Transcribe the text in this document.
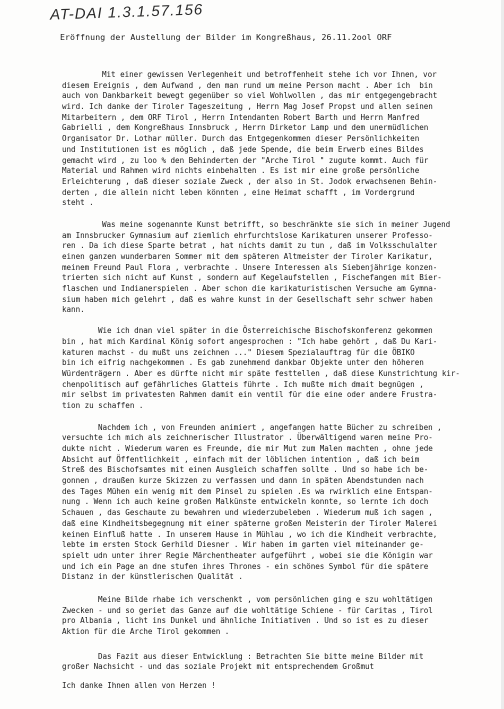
AT-DAI 1.3.1.57.156
Eröffnung der Austellung der Bilder im Kongreßhaus, 26.11.2ool ORF
Mit einer gewissen Verlegenheit und betroffenheit stehe ich vor Ihnen, vor
diesem Ereignis , dem Aufwand , den man rund um meine Person macht . Aber ich  bin
auch von Dankbarkeit bewegt gegenüber so viel Wohlwollen , das mir entgegengebracht
wird. Ich danke der Tiroler Tageszeitung , Herrn Mag Josef Propst und allen seinen
Mitarbeitern , dem ORF Tirol , Herrn Intendanten Robert Barth und Herrn Manfred
Gabrielli , dem Kongreßhaus Innsbruck , Herrn Dirketor Lamp und dem unermüdlichen
Organisator Dr. Lothar müller. Durch das Entgegenkommen dieser Persönlichkeiten
und Institutionen ist es möglich , daß jede Spende, die beim Erwerb eines Bildes
gemacht wird , zu loo % den Behinderten der "Arche Tirol " zugute kommt. Auch für
Material und Rahmen wird nichts einbehalten . Es ist mir eine große persönliche
Erleichterung , daß dieser soziale Zweck , der also in St. Jodok erwachsenen Behin-
derten , die allein nicht leben könnten , eine Heimat schafft , im Vordergrund
steht .
Was meine sogenannte Kunst betrifft, so beschränkte sie sich in meiner Jugend
am Innsbrucker Gymnasium auf ziemlich ehrfurchtslose Karikaturen unserer Professo-
ren . Da ich diese Sparte betrat , hat nichts damit zu tun , daß im Volksschulalter
einen ganzen wunderbaren Sommer mit dem späteren Altmeister der Tiroler Karikatur,
meinem Freund Paul Flora , verbrachte . Unsere Interessen als Siebenjährige konzen-
trierten sich nicht auf Kunst , sondern auf Kegelaufstellen , Fischefangen mit Bier-
flaschen und Indianerspielen . Aber schon die karikaturistischen Versuche am Gymna-
sium haben mich gelehrt , daß es wahre kunst in der Gesellschaft sehr schwer haben
kann.
Wie ich dnan viel später in die Österreichische Bischofskonferenz gekommen
bin , hat mich Kardinal König sofort angesprochen : "Ich habe gehört , daß Du Kari-
katuren machst - du mußt uns zeichnen ..." Diesem Spezialauftrag für die ÖBIKO
bin ich eifrig nachgekommen . Es gab zunehmend dankbar Objekte unter den höheren
Würdenträgern . Aber es dürfte nicht mir späte festtellen , daß diese Kunstrichtung kir-
chenpolitisch auf gefährliches Glatteis führte . Ich mußte mich dmait begnügen ,
mir selbst im privatesten Rahmen damit ein ventil für die eine oder andere Frustra-
tion zu schaffen .
Nachdem ich , von Freunden animiert , angefangen hatte Bücher zu schreiben ,
versuchte ich mich als zeichnerischer Illustrator . Überwältigend waren meine Pro-
dukte nicht . Wiederum waren es Freunde, die mir Mut zum Malen machten , ohne jede
Absicht auf Öffentlichkeit , einfach mit der löblichen intention , daß ich beim
Streß des Bischofsamtes mit einen Ausgleich schaffen sollte . Und so habe ich be-
gonnen , draußen kurze Skizzen zu verfassen und dann in späten Abendstunden nach
des Tages Mühen ein wenig mit dem Pinsel zu spielen .Es wa rwirklich eine Entspan-
nung . Wenn ich auch keine großen Malkünste entwickeln konnte, so lernte ich doch
Schauen , das Geschaute zu bewahren und wiederzubeleben . Wiederum muß ich sagen ,
daß eine Kindheitsbegegnung mit einer späterne großen Meisterin der Tiroler Malerei
keinen Einfluß hatte . In unserem Hause in Mühlau , wo ich die Kindheit verbrachte,
lebte im ersten Stock Gerhild Diesner . Wir haben im garten viel miteinander ge-
spielt udn unter ihrer Regie Märchentheater aufgeführt , wobei sie die Königin war
und ich ein Page an dne stufen ihres Thrones - ein schönes Symbol für die spätere
Distanz in der künstlerischen Qualität .
Meine Bilde rhabe ich verschenkt , vom persönlichen ging e szu wohltätigen
Zwecken - und so geriet das Ganze auf die wohltätige Schiene - für Caritas , Tirol
pro Albania , licht ins Dunkel und ähnliche Initiativen . Und so ist es zu dieser
Aktion für die Arche Tirol gekommen .
Das Fazit aus dieser Entwicklung : Betrachten Sie bitte meine Bilder mit
großer Nachsicht - und das soziale Projekt mit entsprechendem Großmut
Ich danke Ihnen allen von Herzen !
